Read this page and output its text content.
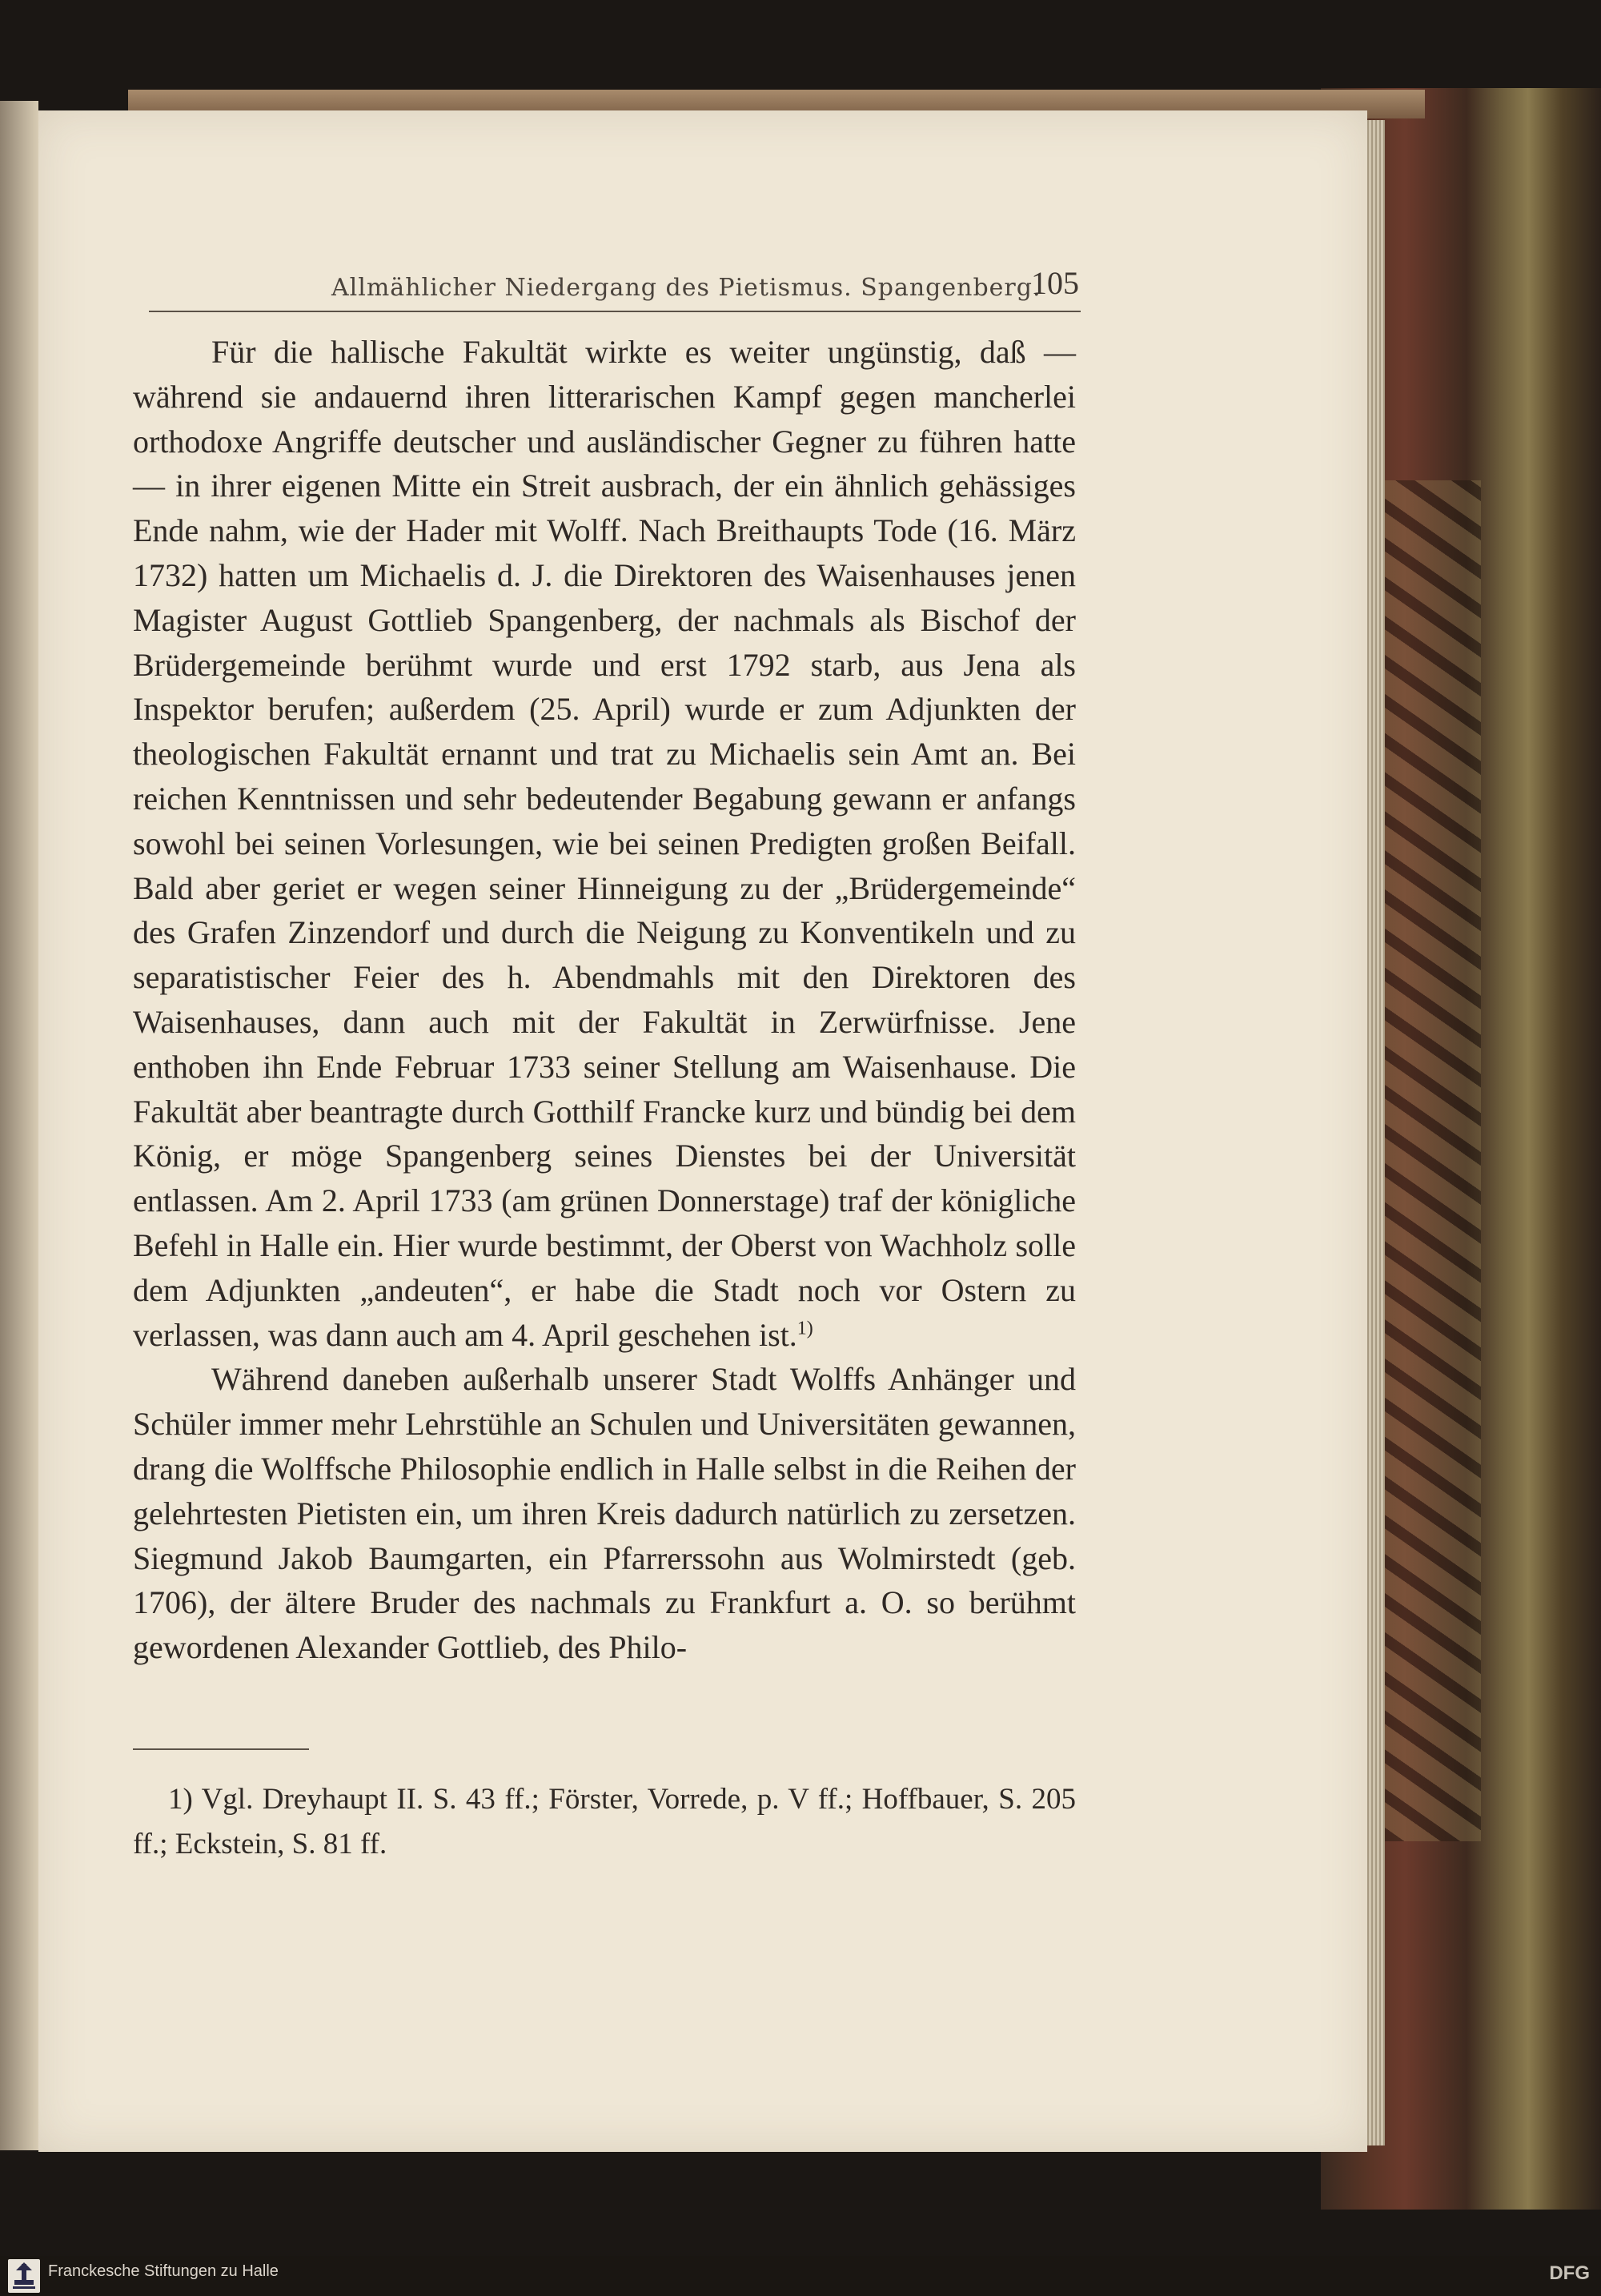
Allmählicher Niedergang des Pietismus. Spangenberg.
105

Für die hallische Fakultät wirkte es weiter ungünstig, daß — während sie andauernd ihren litterarischen Kampf gegen mancherlei orthodoxe Angriffe deutscher und ausländischer Gegner zu führen hatte — in ihrer eigenen Mitte ein Streit ausbrach, der ein ähnlich gehässiges Ende nahm, wie der Hader mit Wolff. Nach Breithaupts Tode (16. März 1732) hatten um Michaelis d. J. die Direktoren des Waisenhauses jenen Magister August Gottlieb Spangenberg, der nachmals als Bischof der Brüdergemeinde berühmt wurde und erst 1792 starb, aus Jena als Inspektor berufen; außerdem (25. April) wurde er zum Adjunkten der theologischen Fakultät ernannt und trat zu Michaelis sein Amt an. Bei reichen Kenntnissen und sehr bedeutender Begabung gewann er anfangs sowohl bei seinen Vorlesungen, wie bei seinen Predigten großen Beifall. Bald aber geriet er wegen seiner Hinneigung zu der „Brüdergemeinde“ des Grafen Zinzendorf und durch die Neigung zu Konventikeln und zu separatistischer Feier des h. Abendmahls mit den Direktoren des Waisenhauses, dann auch mit der Fakultät in Zerwürfnisse. Jene enthoben ihn Ende Februar 1733 seiner Stellung am Waisenhause. Die Fakultät aber beantragte durch Gotthilf Francke kurz und bündig bei dem König, er möge Spangenberg seines Dienstes bei der Universität entlassen. Am 2. April 1733 (am grünen Donnerstage) traf der königliche Befehl in Halle ein. Hier wurde bestimmt, der Oberst von Wachholz solle dem Adjunkten „andeuten“, er habe die Stadt noch vor Ostern zu verlassen, was dann auch am 4. April geschehen ist.$^{1)}$

Während daneben außerhalb unserer Stadt Wolffs Anhänger und Schüler immer mehr Lehrstühle an Schulen und Universitäten gewannen, drang die Wolffsche Philosophie endlich in Halle selbst in die Reihen der gelehrtesten Pietisten ein, um ihren Kreis dadurch natürlich zu zersetzen. Siegmund Jakob Baumgarten, ein Pfarrerssohn aus Wolmirstedt (geb. 1706), der ältere Bruder des nachmals zu Frankfurt a. O. so berühmt gewordenen Alexander Gottlieb, des Philo-

1) Vgl. Dreyhaupt II. S. 43 ff.; Förster, Vorrede, p. V ff.; Hoffbauer, S. 205 ff.; Eckstein, S. 81 ff.
Franckesche Stiftungen zu Halle	DFG
